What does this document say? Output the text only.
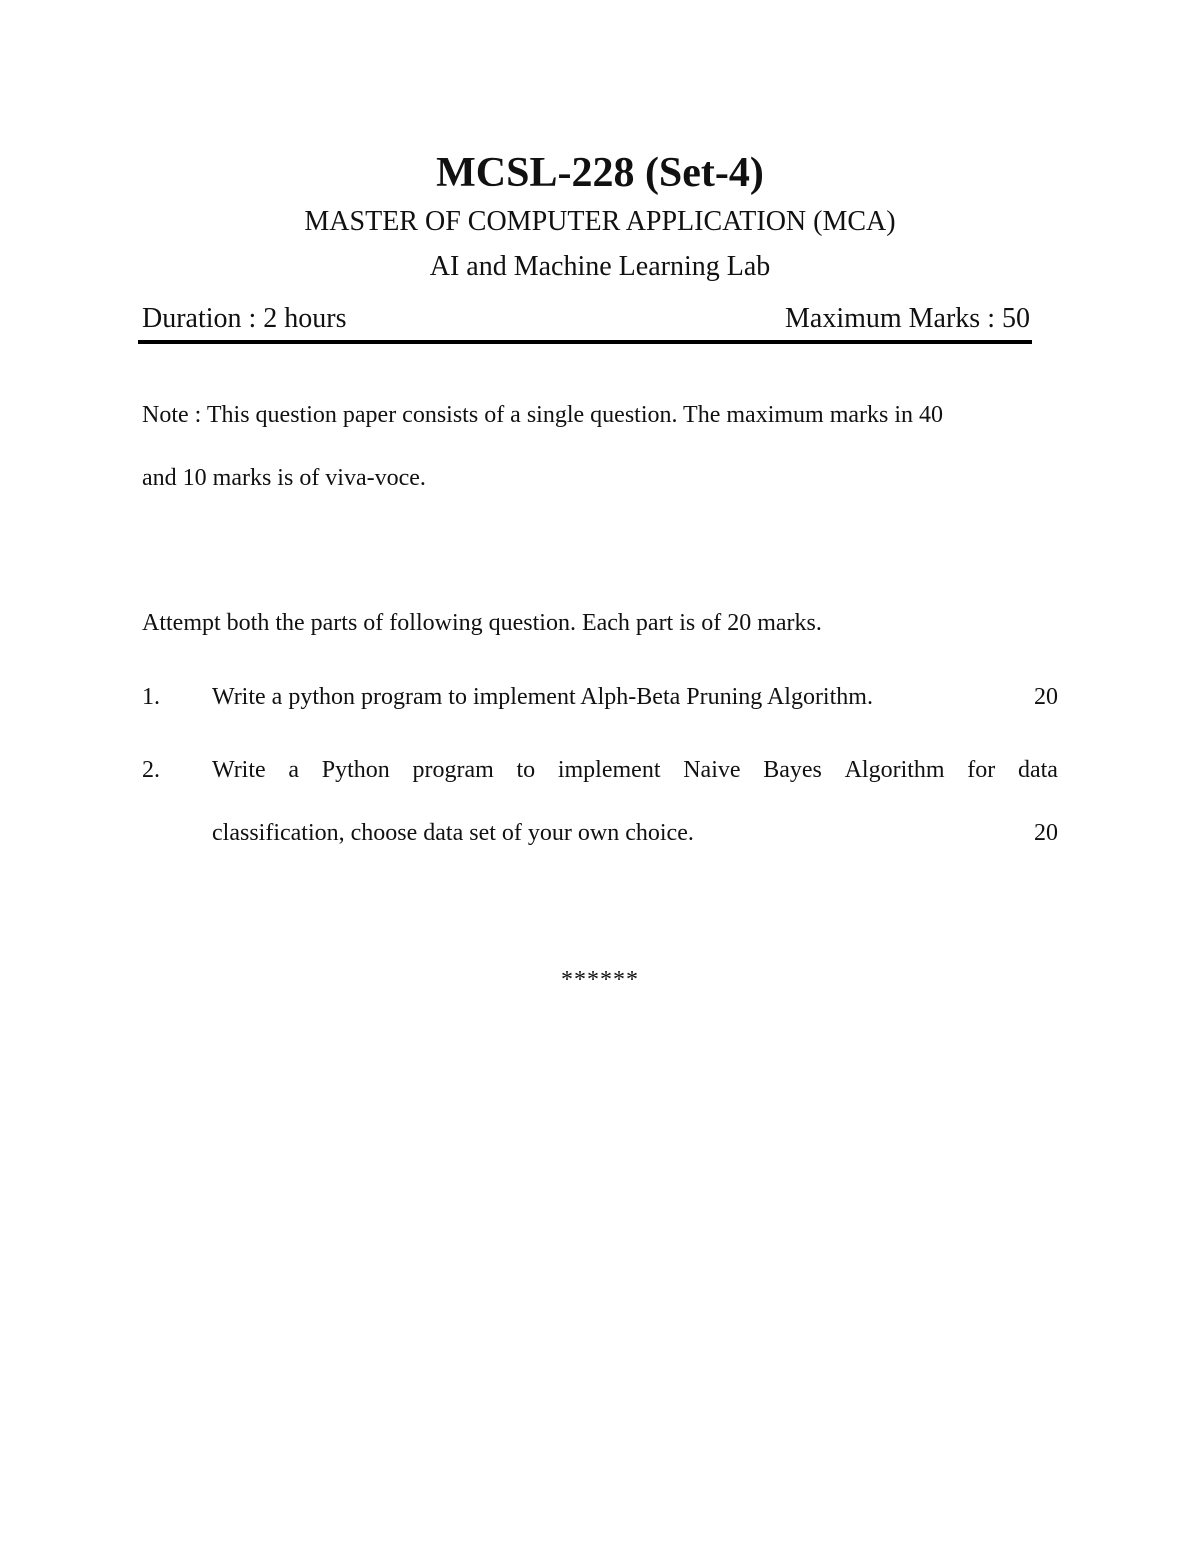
MCSL-228 (Set-4)
MASTER OF COMPUTER APPLICATION (MCA)
AI and Machine Learning Lab
Duration : 2 hours	Maximum Marks : 50
Note : This question paper consists of a single question. The maximum marks in 40
and 10 marks is of viva-voce.
Attempt both the parts of following question. Each part is of 20 marks.
1. Write a python program to implement Alph-Beta Pruning Algorithm.	20
2. Write a Python program to implement Naive Bayes Algorithm for data
classification, choose data set of your own choice.	20
******
